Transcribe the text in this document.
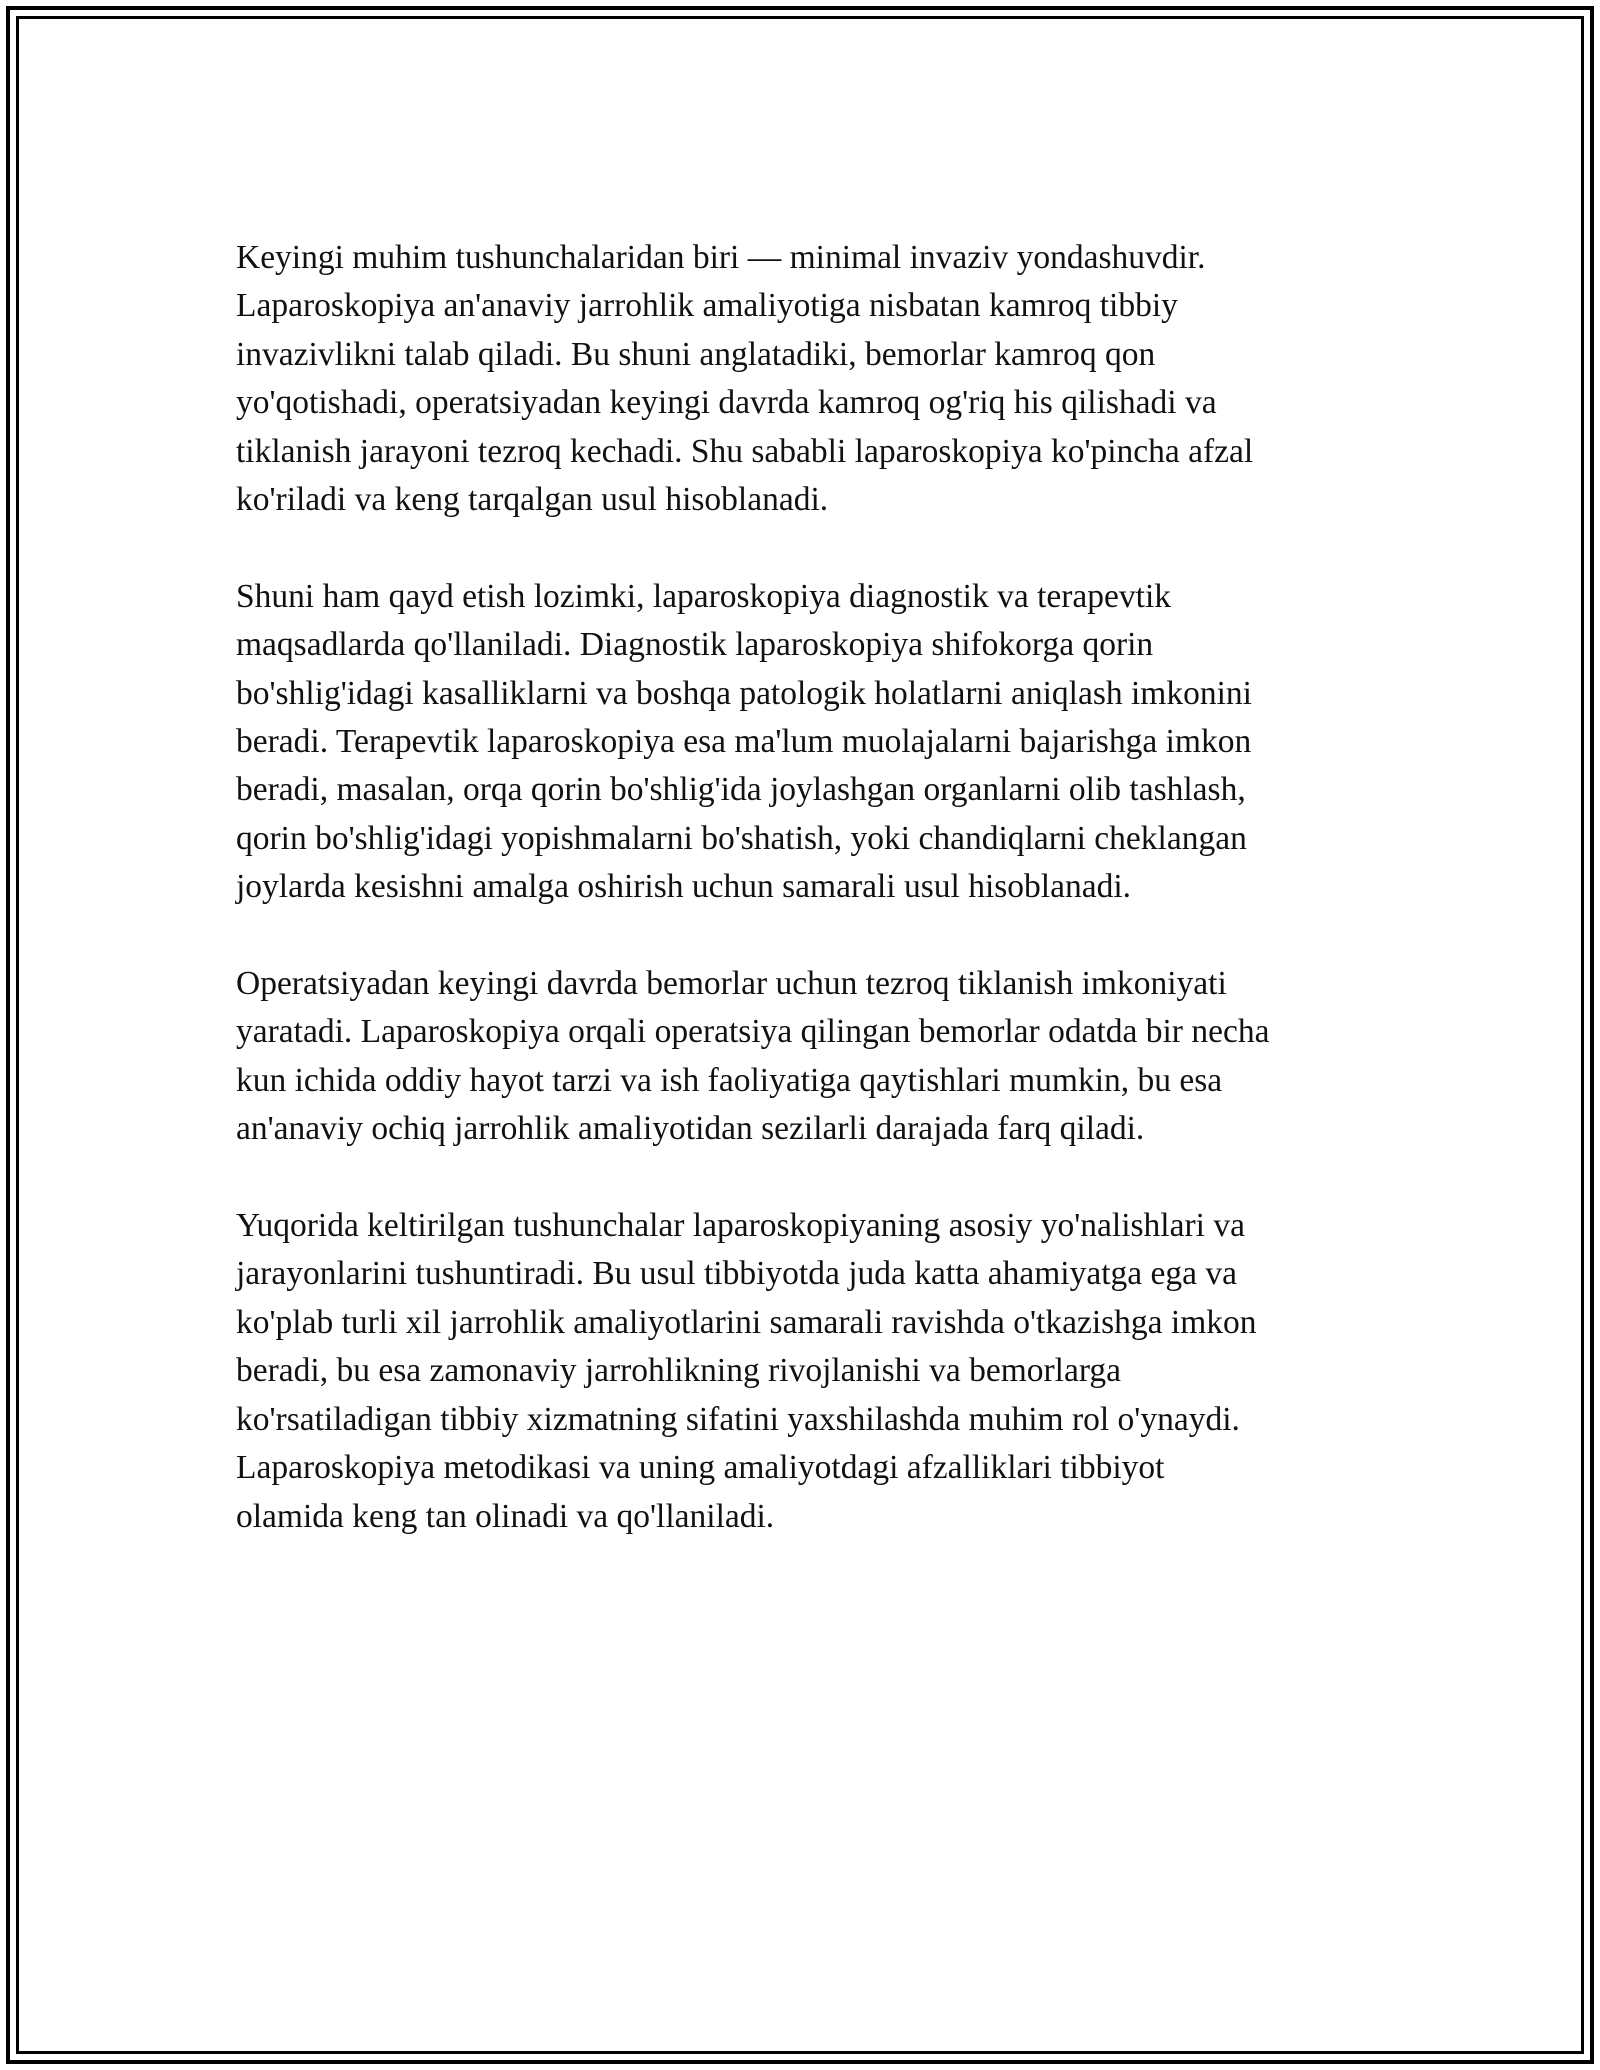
Keyingi muhim tushunchalaridan biri — minimal invaziv yondashuvdir.
Laparoskopiya an'anaviy jarrohlik amaliyotiga nisbatan kamroq tibbiy
invazivlikni talab qiladi. Bu shuni anglatadiki, bemorlar kamroq qon
yo'qotishadi, operatsiyadan keyingi davrda kamroq og'riq his qilishadi va
tiklanish jarayoni tezroq kechadi. Shu sababli laparoskopiya ko'pincha afzal
ko'riladi va keng tarqalgan usul hisoblanadi.

Shuni ham qayd etish lozimki, laparoskopiya diagnostik va terapevtik
maqsadlarda qo'llaniladi. Diagnostik laparoskopiya shifokorga qorin
bo'shlig'idagi kasalliklarni va boshqa patologik holatlarni aniqlash imkonini
beradi. Terapevtik laparoskopiya esa ma'lum muolajalarni bajarishga imkon
beradi, masalan, orqa qorin bo'shlig'ida joylashgan organlarni olib tashlash,
qorin bo'shlig'idagi yopishmalarni bo'shatish, yoki chandiqlarni cheklangan
joylarda kesishni amalga oshirish uchun samarali usul hisoblanadi.

Operatsiyadan keyingi davrda bemorlar uchun tezroq tiklanish imkoniyati
yaratadi. Laparoskopiya orqali operatsiya qilingan bemorlar odatda bir necha
kun ichida oddiy hayot tarzi va ish faoliyatiga qaytishlari mumkin, bu esa
an'anaviy ochiq jarrohlik amaliyotidan sezilarli darajada farq qiladi.

Yuqorida keltirilgan tushunchalar laparoskopiyaning asosiy yo'nalishlari va
jarayonlarini tushuntiradi. Bu usul tibbiyotda juda katta ahamiyatga ega va
ko'plab turli xil jarrohlik amaliyotlarini samarali ravishda o'tkazishga imkon
beradi, bu esa zamonaviy jarrohlikning rivojlanishi va bemorlarga
ko'rsatiladigan tibbiy xizmatning sifatini yaxshilashda muhim rol o'ynaydi.
Laparoskopiya metodikasi va uning amaliyotdagi afzalliklari tibbiyot
olamida keng tan olinadi va qo'llaniladi.
